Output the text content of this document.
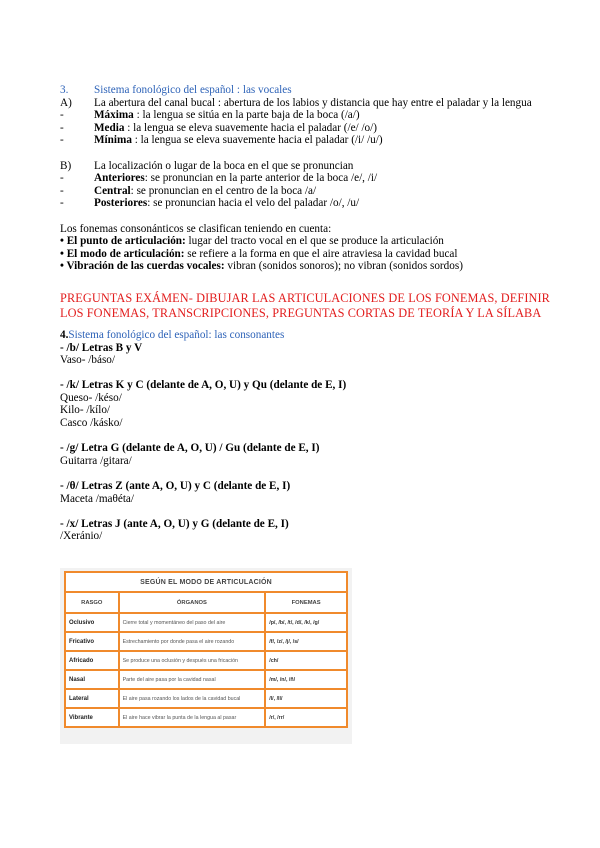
3.	Sistema fonológico del español : las vocales
A)	La abertura del canal bucal : abertura de los labios y distancia que hay entre el paladar y la lengua
-	Máxima : la lengua se sitúa en la parte baja de la boca (/a/)
-	Media : la lengua se eleva suavemente hacia el paladar (/e/ /o/)
-	Mínima : la lengua se eleva suavemente hacia el paladar (/i/ /u/)
B)	La localización o lugar de la boca en el que se pronuncian
-	Anteriores: se pronuncian en la parte anterior de la boca /e/, /i/
-	Central: se pronuncian en el centro de la boca /a/
-	Posteriores: se pronuncian hacia el velo del paladar /o/, /u/
Los fonemas consonánticos se clasifican teniendo en cuenta:
• El punto de articulación: lugar del tracto vocal en el que se produce la articulación
• El modo de articulación: se refiere a la forma en que el aire atraviesa la cavidad bucal
• Vibración de las cuerdas vocales: vibran (sonidos sonoros); no vibran (sonidos sordos)
PREGUNTAS EXÁMEN- DIBUJAR LAS ARTICULACIONES DE LOS FONEMAS, DEFINIR LOS FONEMAS, TRANSCRIPCIONES, PREGUNTAS CORTAS DE TEORÍA Y LA SÍLABA
4. Sistema fonológico del español: las consonantes
- /b/ Letras B y V
Vaso- /báso/
- /k/ Letras K y C (delante de A, O, U) y Qu (delante de E, I)
Queso- /késo/
Kilo- /kílo/
Casco /kásko/
- /g/ Letra G (delante de A, O, U) / Gu (delante de E, I)
Guitarra /gitara/
- /θ/ Letras Z (ante A, O, U) y C (delante de E, I)
Maceta /maθéta/
- /x/ Letras J (ante A, O, U) y G (delante de E, I)
/Xeránio/
SEGÚN EL MODO DE ARTICULACIÓN		
RASGO	ÓRGANOS	FONEMAS
Oclusivo	Cierre total y momentáneo del paso del aire	/p/, /b/, /t/, /d/, /k/, /g/
Fricativo	Estrechamiento por donde pasa el aire rozando	/f/, /z/, /j/, /s/
Africado	Se produce una oclusión y después una fricación	/ch/
Nasal	Parte del aire pasa por la cavidad nasal	/m/, /n/, /ñ/
Lateral	El aire pasa rozando los lados de la cavidad bucal	/l/, /ll/
Vibrante	El aire hace vibrar la punta de la lengua al pasar	/r/, /rr/
